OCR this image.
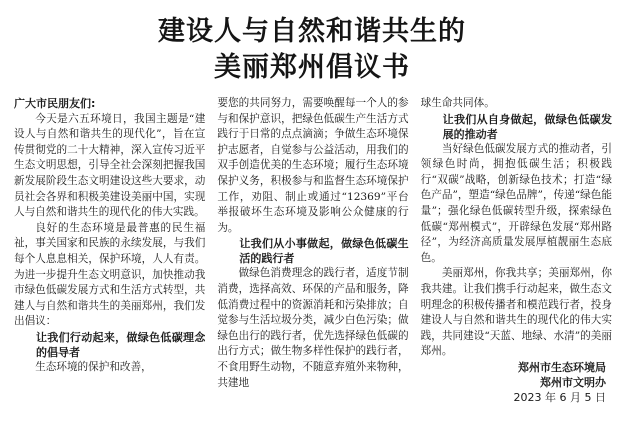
建设人与自然和谐共生的
美丽郑州倡议书
广大市民朋友们:

今天是六五环境日，我国主题是“建设人与自然和谐共生的现代化”，旨在宣传贯彻党的二十大精神，深入宣传习近平生态文明思想，引导全社会深刻把握我国新发展阶段生态文明建设这些大要求，动员社会各界和积极美建设美丽中国，实现人与自然和谐共生的现代化的伟大实践。

良好的生态环境是最普惠的民生福祉，事关国家和民族的永续发展，与我们每个人息息相关，保护环境，人人有责。为进一步提升生态文明意识，加快推动我市绿色低碳发展方式和生活方式转型，共建人与自然和谐共生的美丽郑州，我们发出倡议：

让我们行动起来，做绿色低碳理念的倡导者

生态环境的保护和改善，

要您的共同努力，需要唤醒每一个人的参与和保护意识，把绿色低碳生产生活方式践行于日常的点点滴滴；争做生态环境保护志愿者，自觉参与公益活动，用我们的双手创造优美的生态环境；履行生态环境保护义务，积极参与和监督生态环境保护工作，劝阻、制止或通过“12369”平台举报破坏生态环境及影响公众健康的行为。

让我们从小事做起，做绿色低碳生活的践行者

做绿色消费理念的践行者，适度节制消费，选择高效、环保的产品和服务，降低消费过程中的资源消耗和污染排放；自觉参与生活垃圾分类，减少白色污染；做绿色出行的践行者，优先选择绿色低碳的出行方式；做生物多样性保护的践行者，不食用野生动物，不随意弃殖外来物种，共建地

球生命共同体。

让我们从自身做起，做绿色低碳发展的推动者

当好绿色低碳发展方式的推动者，引领绿色时尚，拥抱低碳生活；积极践行“双碳”战略，创新绿色技术；打造“绿色产品”，塑造“绿色品牌”，传递“绿色能量”；强化绿色低碳转型升级，探索绿色低碳“郑州模式”，开辟绿色发展“郑州路径”，为经济高质量发展厚植靓丽生态底色。

美丽郑州，你我共享；美丽郑州，你我共建。让我们携手行动起来，做生态文明理念的积极传播者和模范践行者，投身建设人与自然和谐共生的现代化的伟大实践，共同建设“天蓝、地绿、水清”的美丽郑州。

郑州市生态环境局
郑州市文明办
2023 年 6 月 5 日
